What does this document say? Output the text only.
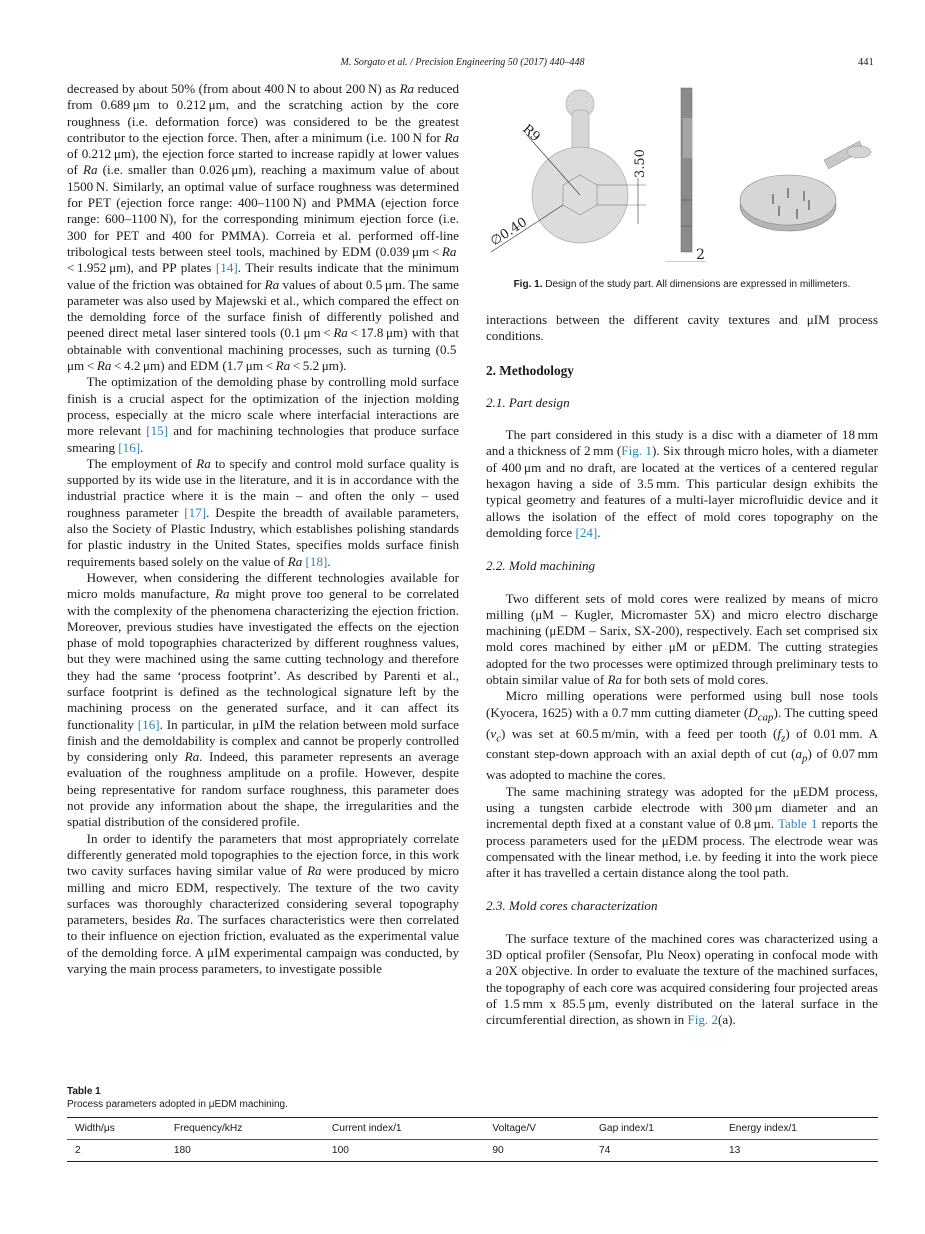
M. Sorgato et al. / Precision Engineering 50 (2017) 440–448	441

decreased by about 50% (from about 400 N to about 200 N) as Ra reduced from 0.689 μm to 0.212 μm, and the scratching action by the core roughness (i.e. deformation force) was considered to be the greatest contributor to the ejection force. Then, after a minimum (i.e. 100 N for Ra of 0.212 μm), the ejection force started to increase rapidly at lower values of Ra (i.e. smaller than 0.026 μm), reaching a maximum value of about 1500 N. Similarly, an optimal value of surface roughness was determined for PET (ejection force range: 400–1100 N) and PMMA (ejection force range: 600–1100 N), for the corresponding minimum ejection force (i.e. 300 for PET and 400 for PMMA). Correia et al. performed off-line tribological tests between steel tools, machined by EDM (0.039 μm < Ra < 1.952 μm), and PP plates [14]. Their results indicate that the minimum value of the friction was obtained for Ra values of about 0.5 μm. The same parameter was also used by Majewski et al., which compared the effect on the demolding force of the surface finish of differently polished and peened direct metal laser sintered tools (0.1 μm < Ra < 17.8 μm) with that obtainable with conventional machining processes, such as turning (0.5 μm < Ra < 4.2 μm) and EDM (1.7 μm < Ra < 5.2 μm).

The optimization of the demolding phase by controlling mold surface finish is a crucial aspect for the optimization of the injection molding process, especially at the micro scale where interfacial interactions are more relevant [15] and for machining technologies that produce surface smearing [16].

The employment of Ra to specify and control mold surface quality is supported by its wide use in the literature, and it is in accordance with the industrial practice where it is the main – and often the only – used roughness parameter [17]. Despite the breadth of available parameters, also the Society of Plastic Industry, which establishes polishing standards for plastic industry in the United States, specifies molds surface finish requirements based solely on the value of Ra [18].

However, when considering the different technologies available for micro molds manufacture, Ra might prove too general to be correlated with the complexity of the phenomena characterizing the ejection friction. Moreover, previous studies have investigated the effects on the ejection phase of mold topographies characterized by different roughness values, but they were machined using the same cutting technology and therefore they had the same ‘process footprint’. As described by Parenti et al., surface footprint is defined as the technological signature left by the machining process on the generated surface, and it can affect its functionality [16]. In particular, in μIM the relation between mold surface finish and the demoldability is complex and cannot be properly controlled by considering only Ra. Indeed, this parameter represents an average evaluation of the roughness amplitude on a profile. However, despite being representative for random surface roughness, this parameter does not provide any information about the shape, the irregularities and the spatial distribution of the considered profile.

In order to identify the parameters that most appropriately correlate differently generated mold topographies to the ejection force, in this work two cavity surfaces having similar value of Ra were produced by micro milling and micro EDM, respectively. The texture of the two cavity surfaces was thoroughly characterized considering several topography parameters, besides Ra. The surfaces characteristics were then correlated to their influence on ejection friction, evaluated as the experimental value of the demolding force. A μIM experimental campaign was conducted, by varying the main process parameters, to investigate possible

R9
3.50
∅0.40
2
Fig. 1. Design of the study part. All dimensions are expressed in millimeters.

interactions between the different cavity textures and μIM process conditions.

2. Methodology

2.1. Part design

The part considered in this study is a disc with a diameter of 18 mm and a thickness of 2 mm (Fig. 1). Six through micro holes, with a diameter of 400 μm and no draft, are located at the vertices of a centered regular hexagon having a side of 3.5 mm. This particular design exhibits the typical geometry and features of a multi-layer microfluidic device and it allows the isolation of the effect of mold cores topography on the demolding force [24].

2.2. Mold machining

Two different sets of mold cores were realized by means of micro milling (μM – Kugler, Micromaster 5X) and micro electro discharge machining (μEDM – Sarix, SX-200), respectively. Each set comprised six mold cores machined by either μM or μEDM. The cutting strategies adopted for the two processes were optimized through preliminary tests to obtain similar value of Ra for both sets of mold cores.

Micro milling operations were performed using bull nose tools (Kyocera, 1625) with a 0.7 mm cutting diameter $(D_{cap})$. The cutting speed $(v_c)$ was set at 60.5 m/min, with a feed per tooth $(f_z)$ of 0.01 mm. A constant step-down approach with an axial depth of cut $(a_p)$ of 0.07 mm was adopted to machine the cores.

The same machining strategy was adopted for the μEDM process, using a tungsten carbide electrode with 300 μm diameter and an incremental depth fixed at a constant value of 0.8 μm. Table 1 reports the process parameters used for the μEDM process. The electrode wear was compensated with the linear method, i.e. by feeding it into the work piece after it has travelled a certain distance along the tool path.

2.3. Mold cores characterization

The surface texture of the machined cores was characterized using a 3D optical profiler (Sensofar, Plu Neox) operating in confocal mode with a 20X objective. In order to evaluate the texture of the machined surfaces, the topography of each core was acquired considering four projected areas of 1.5 mm x 85.5 μm, evenly distributed on the lateral surface in the circumferential direction, as shown in Fig. 2(a).

Table 1
Process parameters adopted in μEDM machining.
Width/μs	Frequency/kHz	Current index/1	Voltage/V	Gap index/1	Energy index/1
2	180	100	90	74	13
